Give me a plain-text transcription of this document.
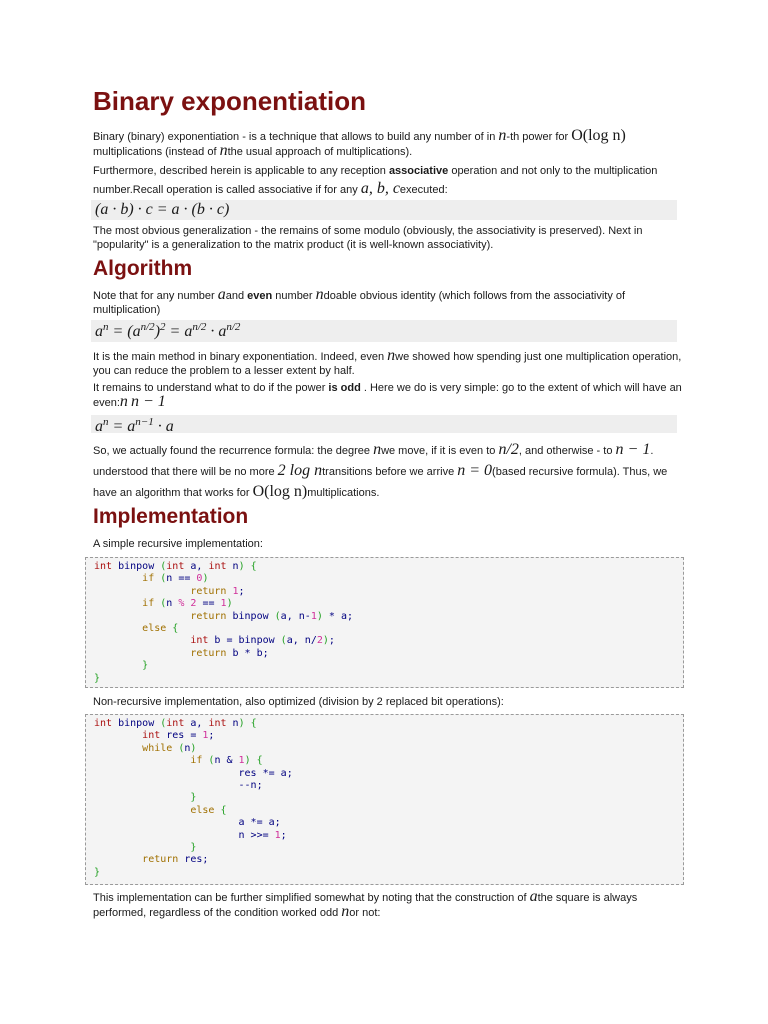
Binary exponentiation

Binary (binary) exponentiation - is a technique that allows to build any number of in n-th power for O(log n)
multiplications (instead of nthe usual approach of multiplications).

Furthermore, described herein is applicable to any reception associative operation and not only to the multiplication number.Recall operation is called associative if for any a, b, cexecuted:

(a · b) · c = a · (b · c)

The most obvious generalization - the remains of some modulo (obviously, the associativity is preserved). Next in "popularity" is a generalization to the matrix product (it is well-known associativity).

Algorithm

Note that for any number aand even number ndoable obvious identity (which follows from the associativity of multiplication)

$a^n = (a^{n/2})^2 = a^{n/2} \cdot a^{n/2}$

It is the main method in binary exponentiation. Indeed, even nwe showed how spending just one multiplication operation, you can reduce the problem to a lesser extent by half.

It remains to understand what to do if the power is odd . Here we do is very simple: go to the extent of which will have an even:n n − 1

$a^n = a^{n-1} \cdot a$

So, we actually found the recurrence formula: the degree nwe move, if it is even to n/2, and otherwise - to n − 1. understood that there will be no more 2 log ntransitions before we arrive n = 0(based recursive formula). Thus, we have an algorithm that works for O(log n)multiplications.

Implementation

A simple recursive implementation:

int binpow (int a, int n) {
if (n == 0)
return 1;
if (n % 2 == 1)
return binpow (a, n-1) * a;
else {
int b = binpow (a, n/2);
return b * b;
}
}

Non-recursive implementation, also optimized (division by 2 replaced bit operations):

int binpow (int a, int n) {
int res = 1;
while (n)
if (n & 1) {
res *= a;
--n;
}
else {
a *= a;
n >>= 1;
}
return res;
}

This implementation can be further simplified somewhat by noting that the construction of athe square is always performed, regardless of the condition worked odd nor not:
